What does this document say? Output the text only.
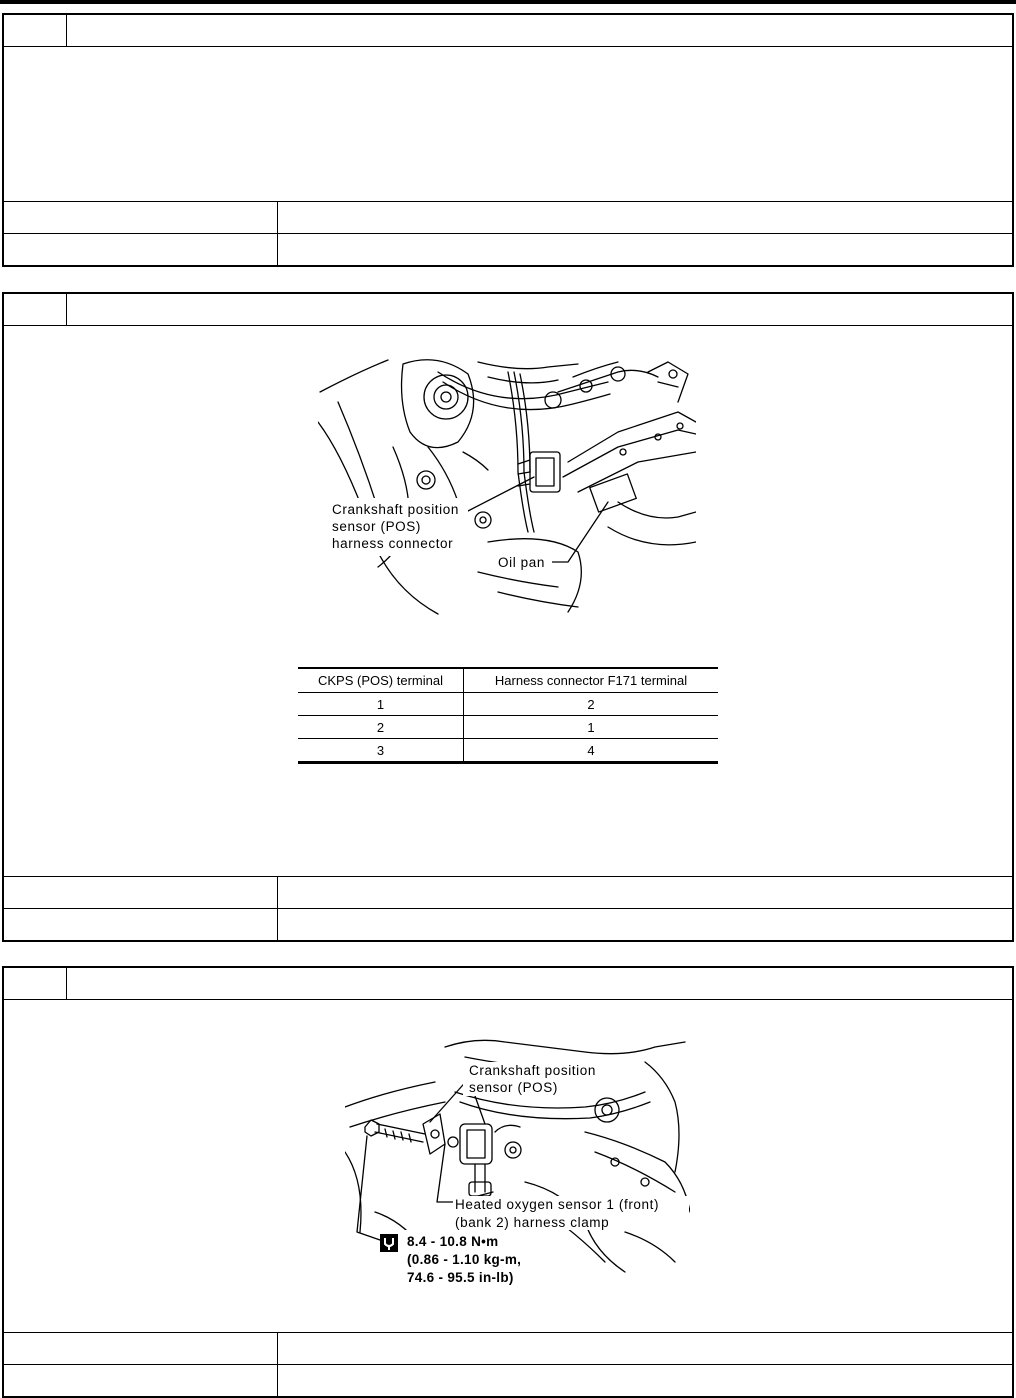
Crankshaft position
sensor (POS)
harness connector
Oil pan
CKPS (POS) terminal	Harness connector F171 terminal
1	2
2	1
3	4
Crankshaft position
sensor (POS)
Heated oxygen sensor 1 (front)
(bank 2) harness clamp
8.4 - 10.8 N•m
(0.86 - 1.10 kg-m,
74.6 - 95.5 in-lb)
